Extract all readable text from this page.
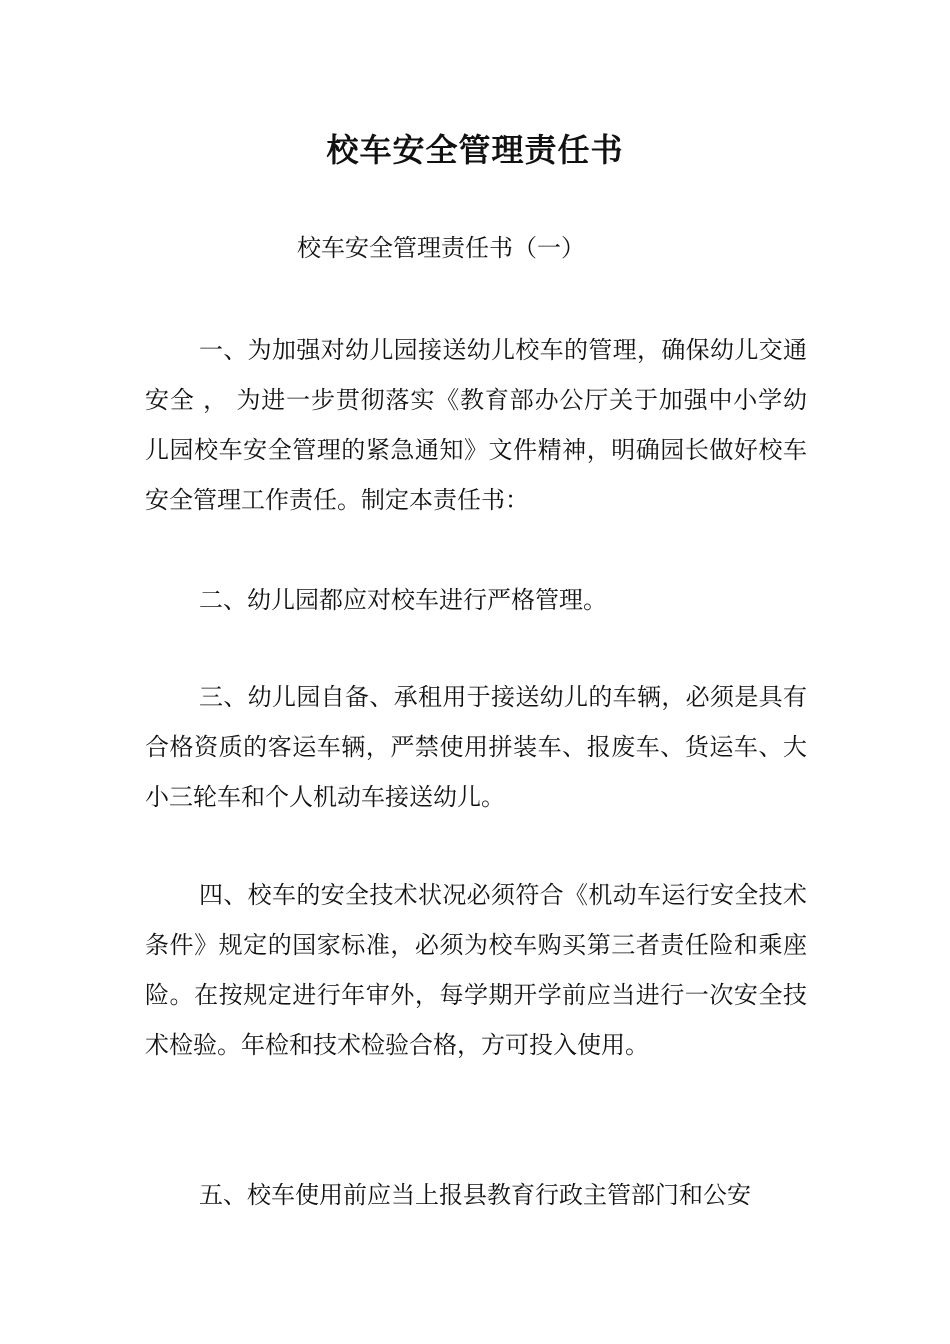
校车安全管理责任书
校车安全管理责任书（一）

一、为加强对幼儿园接送幼儿校车的管理，确保幼儿交通安全 ， 为进一步贯彻落实《教育部办公厅关于加强中小学幼儿园校车安全管理的紧急通知》文件精神，明确园长做好校车安全管理工作责任。制定本责任书：

二、幼儿园都应对校车进行严格管理。

三、幼儿园自备、承租用于接送幼儿的车辆，必须是具有合格资质的客运车辆，严禁使用拼装车、报废车、货运车、大小三轮车和个人机动车接送幼儿。

四、校车的安全技术状况必须符合《机动车运行安全技术条件》规定的国家标准，必须为校车购买第三者责任险和乘座险。在按规定进行年审外，每学期开学前应当进行一次安全技术检验。年检和技术检验合格，方可投入使用。

五、校车使用前应当上报县教育行政主管部门和公安
